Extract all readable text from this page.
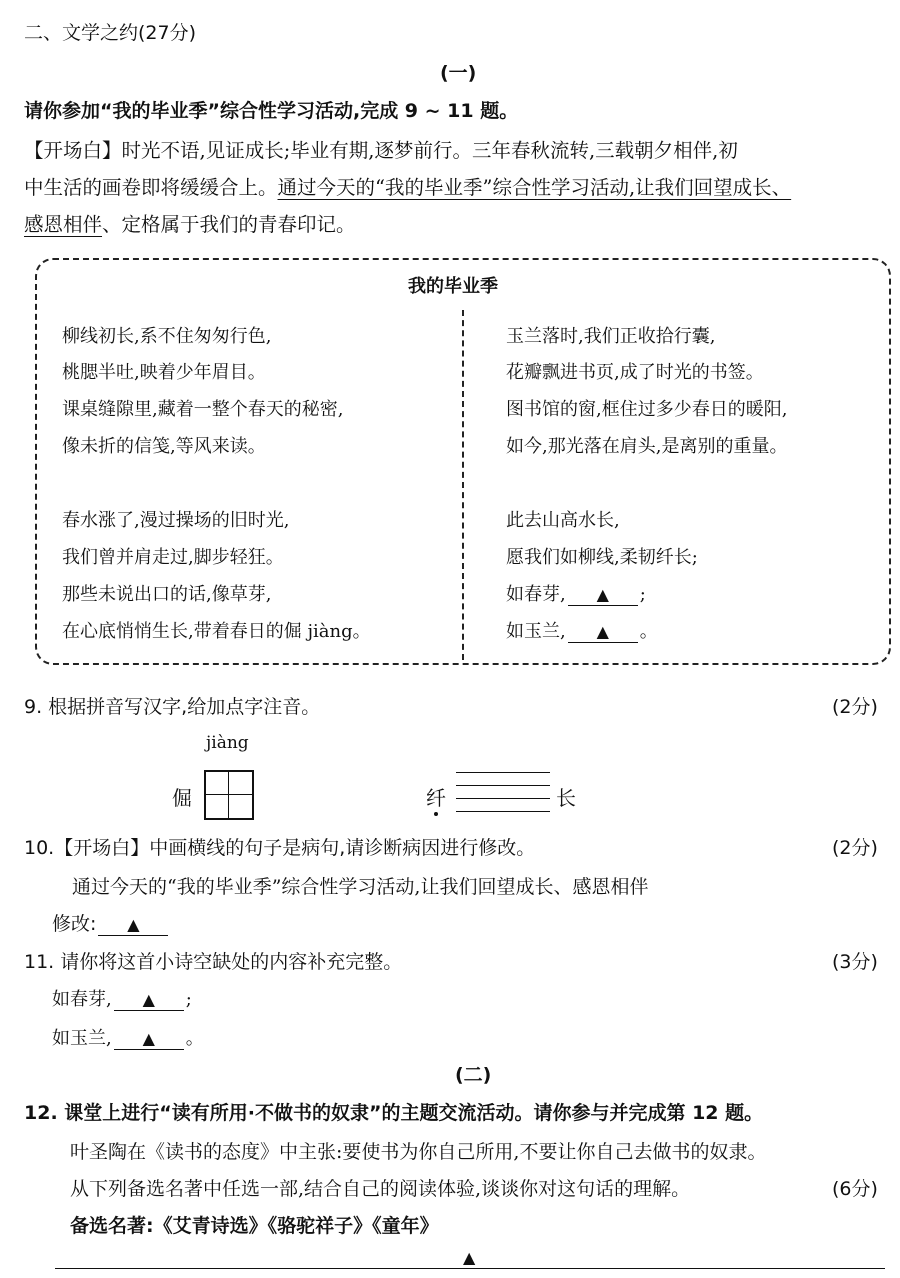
二、文学之约(27分)
(一)
请你参加“我的毕业季”综合性学习活动,完成 9 ~ 11 题。
【开场白】时光不语,见证成长;毕业有期,逐梦前行。三年春秋流转,三载朝夕相伴,初
中生活的画卷即将缓缓合上。通过今天的“我的毕业季”综合性学习活动,让我们回望成长、
感恩相伴、定格属于我们的青春印记。
我的毕业季
柳线初长,系不住匆匆行色,
桃腮半吐,映着少年眉目。
课桌缝隙里,藏着一整个春天的秘密,
像未折的信笺,等风来读。
春水涨了,漫过操场的旧时光,
我们曾并肩走过,脚步轻狂。
那些未说出口的话,像草芽,
在心底悄悄生长,带着春日的倔 jiàng。
玉兰落时,我们正收拾行囊,
花瓣飘进书页,成了时光的书签。
图书馆的窗,框住过多少春日的暖阳,
如今,那光落在肩头,是离别的重量。
此去山高水长,
愿我们如柳线,柔韧纤长;
如春芽, ▲ ;
如玉兰, ▲ 。
9. 根据拼音写汉字,给加点字注音。	(2分)
jiàng
倔	纤	长
10.【开场白】中画横线的句子是病句,请诊断病因进行修改。	(2分)
通过今天的“我的毕业季”综合性学习活动,让我们回望成长、感恩相伴
修改: ▲
11. 请你将这首小诗空缺处的内容补充完整。	(3分)
如春芽, ▲ ;
如玉兰, ▲ 。
(二)
12. 课堂上进行“读有所用·不做书的奴隶”的主题交流活动。请你参与并完成第 12 题。
叶圣陶在《读书的态度》中主张:要使书为你自己所用,不要让你自己去做书的奴隶。
从下列备选名著中任选一部,结合自己的阅读体验,谈谈你对这句话的理解。	(6分)
备选名著:《艾青诗选》《骆驼祥子》《童年》
▲
